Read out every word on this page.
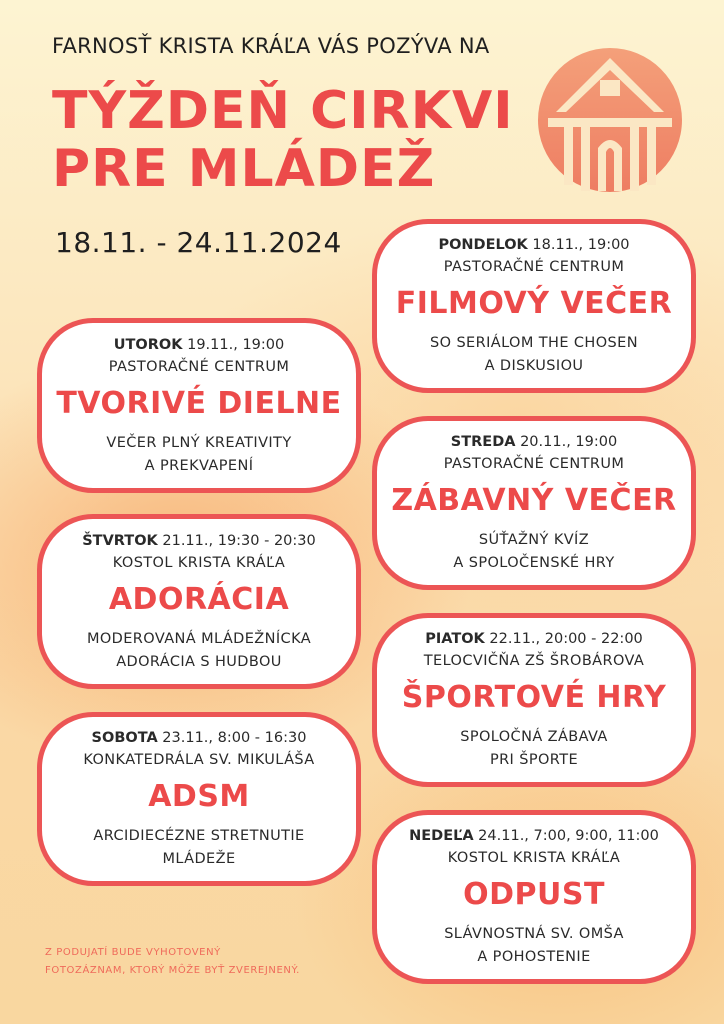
FARNOSŤ KRISTA KRÁĽA VÁS POZÝVA NA
TÝŽDEŇ CIRKVI
PRE MLÁDEŽ
18.11. - 24.11.2024	PONDELOK 18.11., 19:00
PASTORAČNÉ CENTRUM
FILMOVÝ VEČER
SO SERIÁLOM THE CHOSEN
A DISKUSIOU
UTOROK 19.11., 19:00
PASTORAČNÉ CENTRUM
TVORIVÉ DIELNE
VEČER PLNÝ KREATIVITY
A PREKVAPENÍ
STREDA 20.11., 19:00
PASTORAČNÉ CENTRUM
ZÁBAVNÝ VEČER
SÚŤAŽNÝ KVÍZ
A SPOLOČENSKÉ HRY
ŠTVRTOK 21.11., 19:30 - 20:30
KOSTOL KRISTA KRÁĽA
ADORÁCIA
MODEROVANÁ MLÁDEŽNÍCKA
ADORÁCIA S HUDBOU
PIATOK 22.11., 20:00 - 22:00
TELOCVIČŇA ZŠ ŠROBÁROVA
ŠPORTOVÉ HRY
SPOLOČNÁ ZÁBAVA
PRI ŠPORTE
SOBOTA 23.11., 8:00 - 16:30
KONKATEDRÁLA SV. MIKULÁŠA
ADSM
ARCIDIECÉZNE STRETNUTIE
MLÁDEŽE
NEDEĽA 24.11., 7:00, 9:00, 11:00
KOSTOL KRISTA KRÁĽA
ODPUST
SLÁVNOSTNÁ SV. OMŠA
A POHOSTENIE
Z PODUJATÍ BUDE VYHOTOVENÝ
FOTOZÁZNAM, KTORÝ MÔŽE BYŤ ZVEREJNENÝ.
